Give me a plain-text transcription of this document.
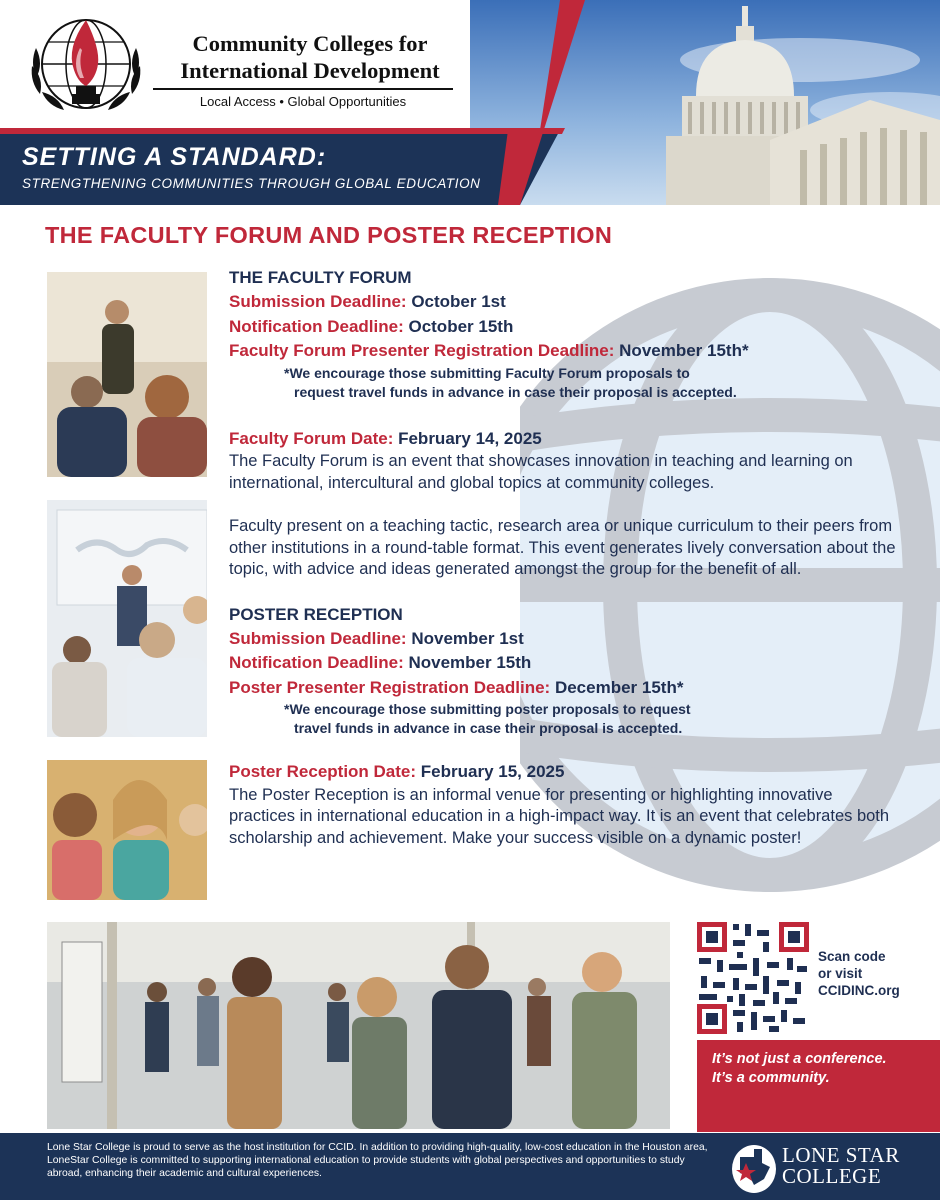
Community Colleges for
International Development
Local Access • Global Opportunities
SETTING A STANDARD:
STRENGTHENING COMMUNITIES THROUGH GLOBAL EDUCATION
THE FACULTY FORUM AND POSTER RECEPTION
THE FACULTY FORUM
Submission Deadline: October 1st
Notification Deadline: October 15th
Faculty Forum Presenter Registration Deadline: November 15th*
*We encourage those submitting Faculty Forum proposals to
request travel funds in advance in case their proposal is accepted.
Faculty Forum Date: February 14, 2025
The Faculty Forum is an event that showcases innovation in teaching and learning on international, intercultural and global topics at community colleges.
Faculty present on a teaching tactic, research area or unique curriculum to their peers from other institutions in a round-table format. This event generates lively conversation about the topic, with advice and ideas generated amongst the group for the benefit of all.
POSTER RECEPTION
Submission Deadline: November 1st
Notification Deadline: November 15th
Poster Presenter Registration Deadline: December 15th*
*We encourage those submitting poster proposals to request
travel funds in advance in case their proposal is accepted.
Poster Reception Date: February 15, 2025
The Poster Reception is an informal venue for presenting or highlighting innovative practices in international education in a high-impact way. It is an event that celebrates both scholarship and achievement. Make your success visible on a dynamic poster!
Scan code
or visit
CCIDINC.org
It’s not just a conference.
It’s a community.
Lone Star College is proud to serve as the host institution for CCID. In addition to providing high-quality, low-cost education in the Houston area, LoneStar College is committed to supporting international education to provide students with global perspectives and opportunities to study abroad, enhancing their academic and cultural experiences.
LONE STAR
COLLEGE
